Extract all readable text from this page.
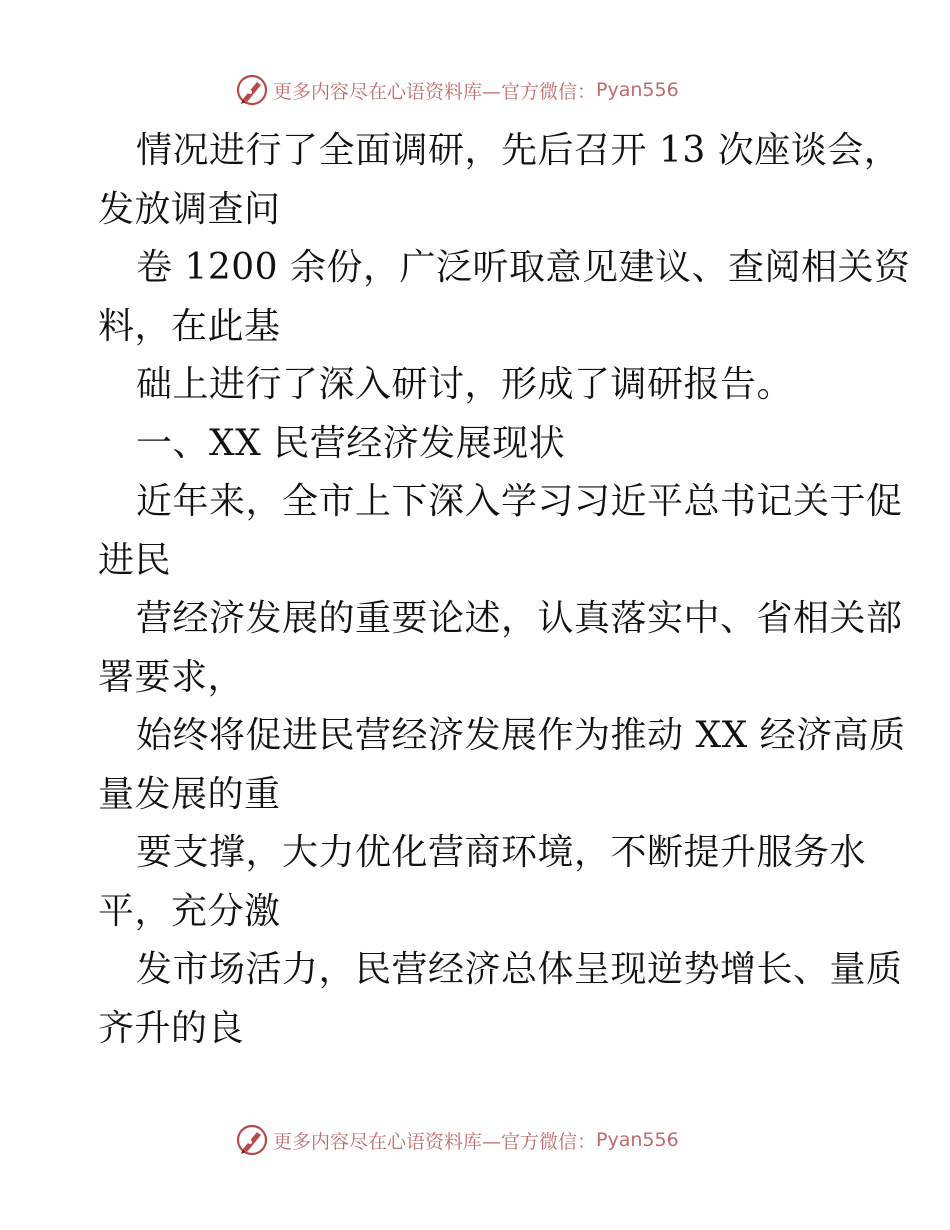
更多内容尽在心语资料库 —官方微信： Pyan556
情况进行了全面调研，先后召开 13 次座谈会，
发放调查问
卷 1200 余份，广泛听取意见建议、查阅相关资
料，在此基
础上进行了深入研讨，形成了调研报告。
一、XX 民营经济发展现状
近年来，全市上下深入学习习近平总书记关于促
进民
营经济发展的重要论述，认真落实中、省相关部
署要求，
始终将促进民营经济发展作为推动 XX 经济高质
量发展的重
要支撑，大力优化营商环境，不断提升服务水
平，充分激
发市场活力，民营经济总体呈现逆势增长、量质
齐升的良
更多内容尽在心语资料库 —官方微信： Pyan556
